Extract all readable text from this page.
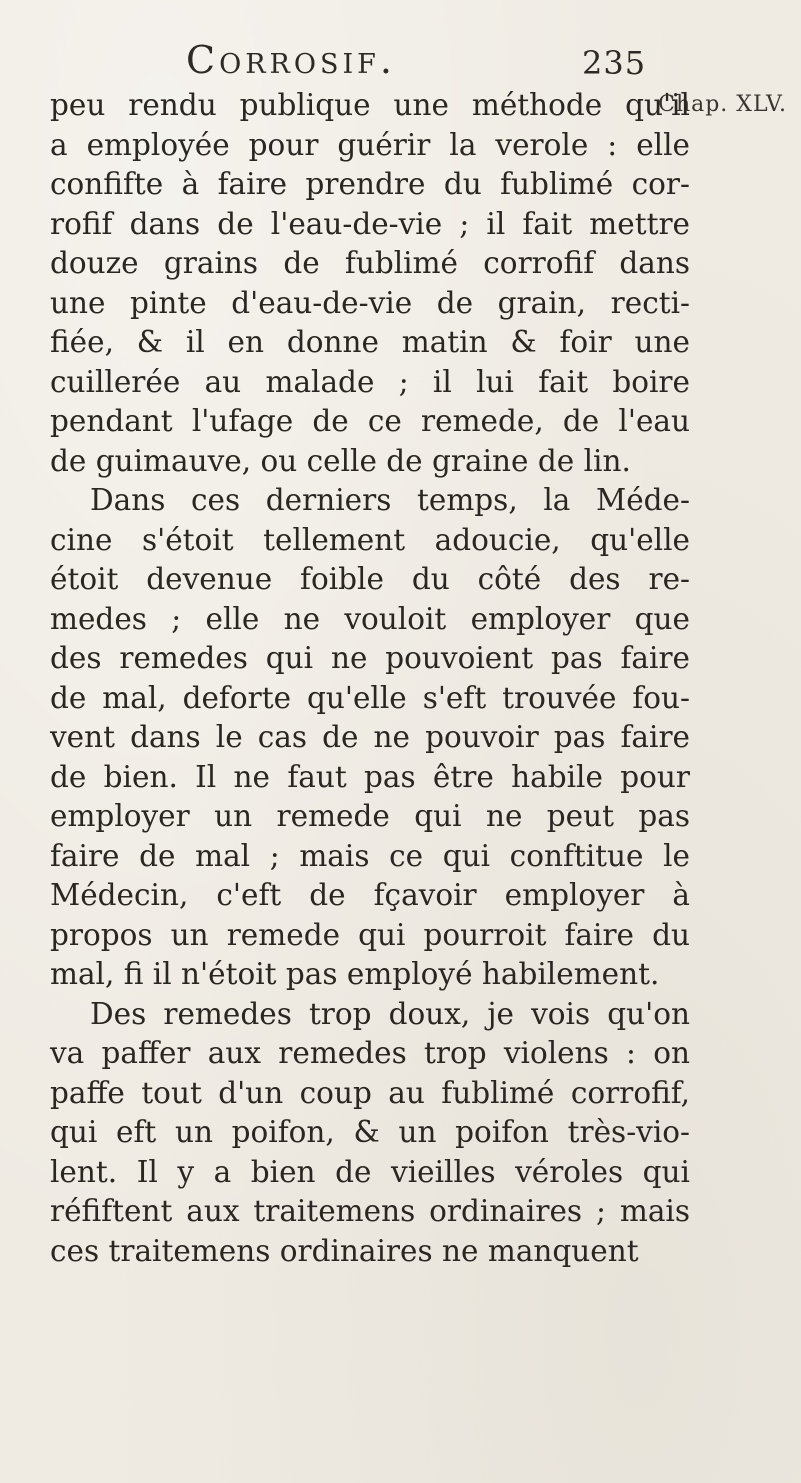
Corrosif.	235
Chap. XLV.
peu rendu publique une méthode qu'il
a employée pour guérir la verole : elle
confifte à faire prendre du fublimé cor-
rofif dans de l'eau-de-vie ; il fait mettre
douze grains de fublimé corrofif dans
une pinte d'eau-de-vie de grain, recti-
fiée, & il en donne matin & foir une
cuillerée au malade ; il lui fait boire
pendant l'ufage de ce remede, de l'eau
de guimauve, ou celle de graine de lin.
Dans ces derniers temps, la Méde-
cine s'étoit tellement adoucie, qu'elle
étoit devenue foible du côté des re-
medes ; elle ne vouloit employer que
des remedes qui ne pouvoient pas faire
de mal, deforte qu'elle s'eft trouvée fou-
vent dans le cas de ne pouvoir pas faire
de bien. Il ne faut pas être habile pour
employer un remede qui ne peut pas
faire de mal ; mais ce qui conftitue le
Médecin, c'eft de fçavoir employer à
propos un remede qui pourroit faire du
mal, fi il n'étoit pas employé habilement.
Des remedes trop doux, je vois qu'on
va paffer aux remedes trop violens : on
paffe tout d'un coup au fublimé corrofif,
qui eft un poifon, & un poifon très-vio-
lent. Il y a bien de vieilles véroles qui
réfiftent aux traitemens ordinaires ; mais
ces traitemens ordinaires ne manquent
